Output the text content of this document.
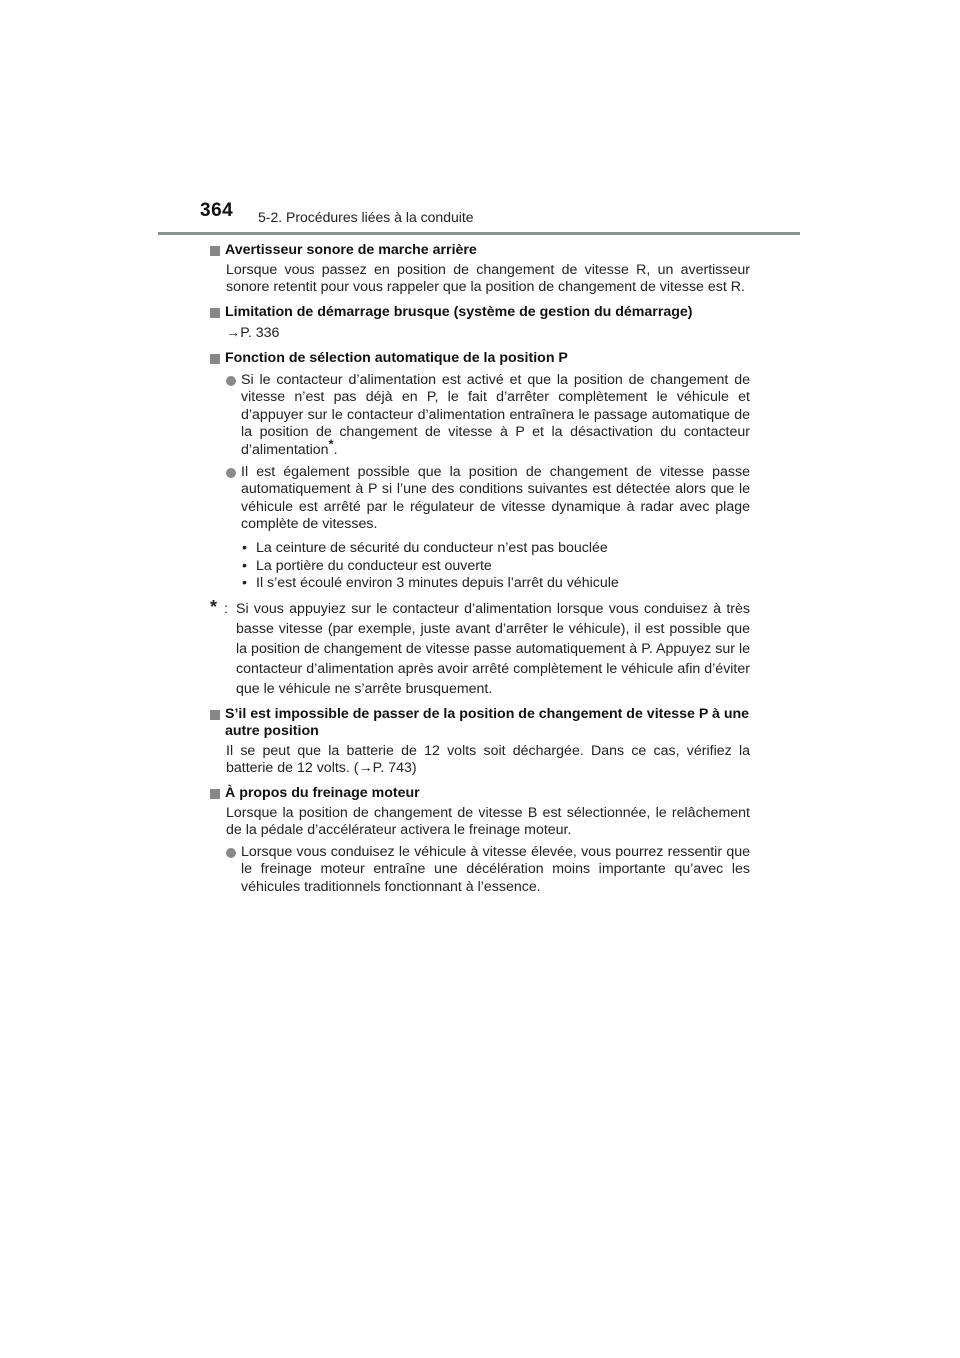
364 5-2. Procédures liées à la conduite
Avertisseur sonore de marche arrière
Lorsque vous passez en position de changement de vitesse R, un avertisseur sonore retentit pour vous rappeler que la position de changement de vitesse est R.
Limitation de démarrage brusque (système de gestion du démarrage)
→P. 336
Fonction de sélection automatique de la position P
Si le contacteur d’alimentation est activé et que la position de changement de vitesse n’est pas déjà en P, le fait d’arrêter complètement le véhicule et d’appuyer sur le contacteur d’alimentation entraînera le passage automatique de la position de changement de vitesse à P et la désactivation du contacteur d’alimentation*.
Il est également possible que la position de changement de vitesse passe automatiquement à P si l’une des conditions suivantes est détectée alors que le véhicule est arrêté par le régulateur de vitesse dynamique à radar avec plage complète de vitesses.
• La ceinture de sécurité du conducteur n’est pas bouclée
• La portière du conducteur est ouverte
• Il s’est écoulé environ 3 minutes depuis l’arrêt du véhicule
* : Si vous appuyiez sur le contacteur d’alimentation lorsque vous conduisez à très basse vitesse (par exemple, juste avant d’arrêter le véhicule), il est possible que la position de changement de vitesse passe automatiquement à P. Appuyez sur le contacteur d’alimentation après avoir arrêté complètement le véhicule afin d’éviter que le véhicule ne s’arrête brusquement.
S’il est impossible de passer de la position de changement de vitesse P à une autre position
Il se peut que la batterie de 12 volts soit déchargée. Dans ce cas, vérifiez la batterie de 12 volts. (→P. 743)
À propos du freinage moteur
Lorsque la position de changement de vitesse B est sélectionnée, le relâchement de la pédale d’accélérateur activera le freinage moteur.
Lorsque vous conduisez le véhicule à vitesse élevée, vous pourrez ressentir que le freinage moteur entraîne une décélération moins importante qu’avec les véhicules traditionnels fonctionnant à l’essence.
